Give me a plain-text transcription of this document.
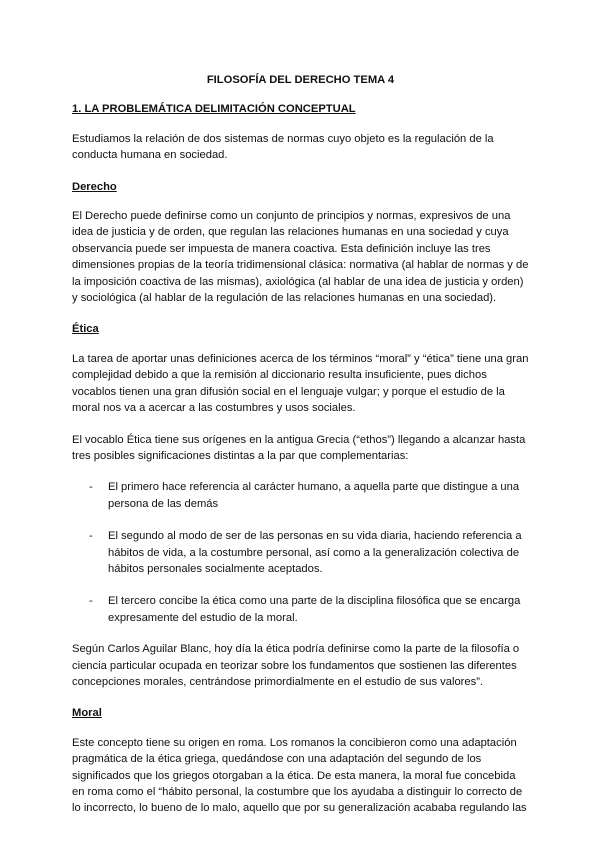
FILOSOFÍA DEL DERECHO TEMA 4
1. LA PROBLEMÁTICA DELIMITACIÓN CONCEPTUAL

Estudiamos la relación de dos sistemas de normas cuyo objeto es la regulación de la conducta humana en sociedad.

Derecho

El Derecho puede definirse como un conjunto de principios y normas, expresivos de una idea de justicia y de orden, que regulan las relaciones humanas en una sociedad y cuya observancia puede ser impuesta de manera coactiva. Esta definición incluye las tres dimensiones propias de la teoría tridimensional clásica: normativa (al hablar de normas y de la imposición coactiva de las mismas), axiológica (al hablar de una idea de justicia y orden) y sociológica (al hablar de la regulación de las relaciones humanas en una sociedad).

Ética

La tarea de aportar unas definiciones acerca de los términos “moral” y “ética” tiene una gran complejidad debido a que la remisión al diccionario resulta insuficiente, pues dichos vocablos tienen una gran difusión social en el lenguaje vulgar; y porque el estudio de la moral nos va a acercar a las costumbres y usos sociales.

El vocablo Ética tiene sus orígenes en la antigua Grecia (“ethos”) llegando a alcanzar hasta tres posibles significaciones distintas a la par que complementarias:

- El primero hace referencia al carácter humano, a aquella parte que distingue a una persona de las demás
- El segundo al modo de ser de las personas en su vida diaria, haciendo referencia a hábitos de vida, a la costumbre personal, así como a la generalización colectiva de hábitos personales socialmente aceptados.
- El tercero concibe la ética como una parte de la disciplina filosófica que se encarga expresamente del estudio de la moral.

Según Carlos Aguilar Blanc, hoy día la ética podría definirse como la parte de la filosofía o ciencia particular ocupada en teorizar sobre los fundamentos que sostienen las diferentes concepciones morales, centrándose primordialmente en el estudio de sus valores”.

Moral

Este concepto tiene su origen en roma. Los romanos la concibieron como una adaptación pragmática de la ética griega, quedándose con una adaptación del segundo de los significados que los griegos otorgaban a la ética. De esta manera, la moral fue concebida en roma como el “hábito personal, la costumbre que los ayudaba a distinguir lo correcto de lo incorrecto, lo bueno de lo malo, aquello que por su generalización acababa regulando las
